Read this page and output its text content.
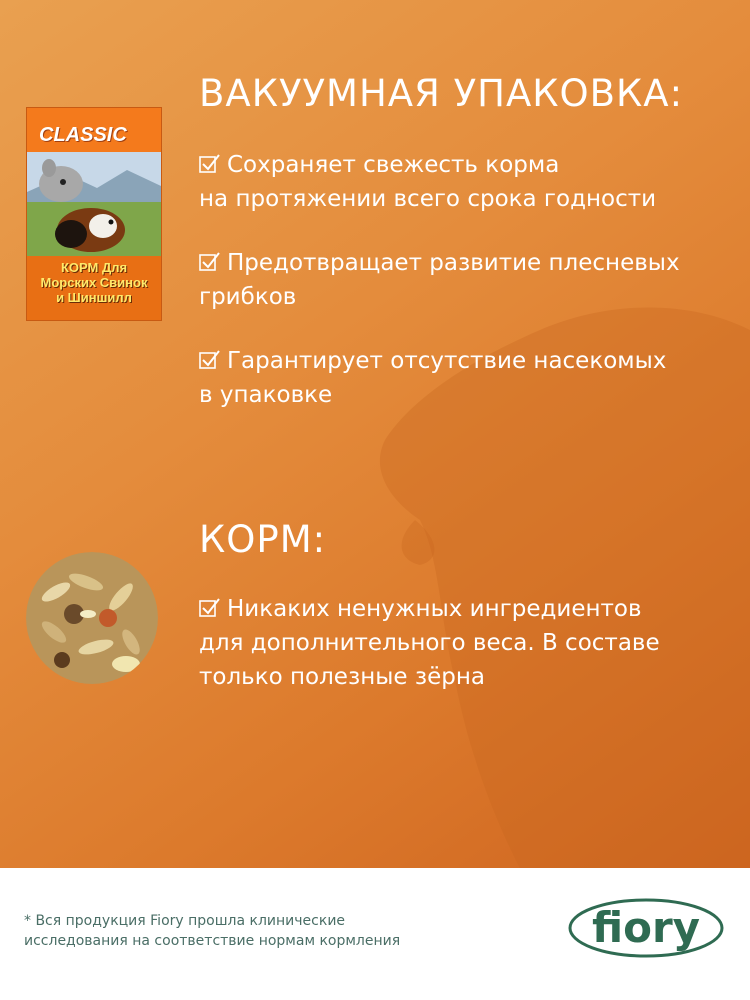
ВАКУУМНАЯ УПАКОВКА:
Сохраняет свежесть корма
на протяжении всего срока годности
Предотвращает развитие плесневых
грибков
Гарантирует отсутствие насекомых
в упаковке
КОРМ:
Никаких ненужных ингредиентов
для дополнительного веса. В составе
только полезные зёрна
CLASSIC
КОРМ Для
Морских Свинок
и Шиншилл
* Вся продукция Fiory прошла клинические
исследования на соответствие нормам кормления	fiory
